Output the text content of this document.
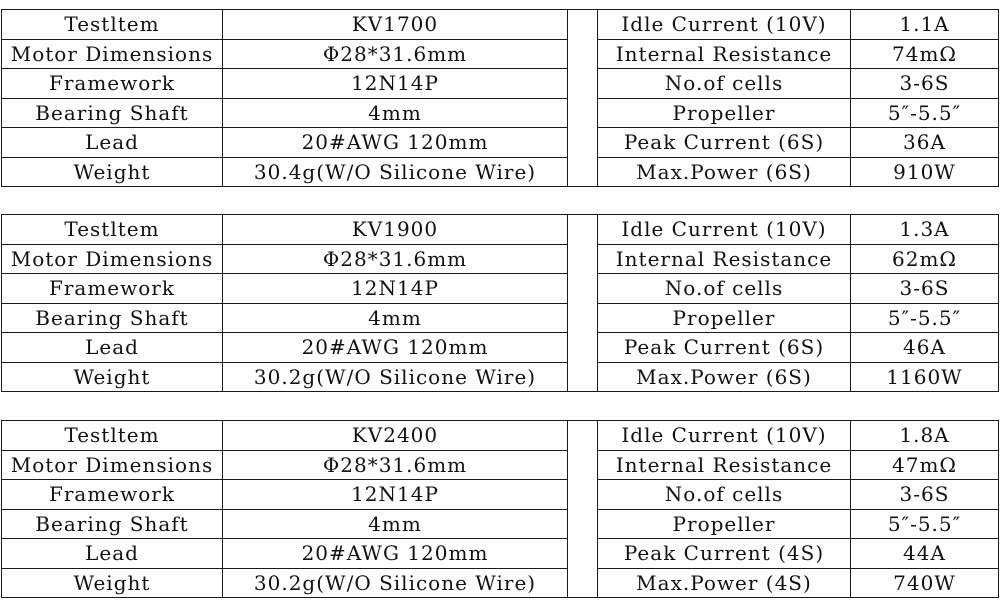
Testltem	KV1700		Idle Current (10V)	1.1A
Motor Dimensions	Φ28*31.6mm		Internal Resistance	74mΩ
Framework	12N14P		No.of cells	3-6S
Bearing Shaft	4mm		Propeller	5″-5.5″
Lead	20#AWG 120mm		Peak Current (6S)	36A
Weight	30.4g(W/O Silicone Wire)		Max.Power (6S)	910W
Testltem	KV1900		Idle Current (10V)	1.3A
Motor Dimensions	Φ28*31.6mm		Internal Resistance	62mΩ
Framework	12N14P		No.of cells	3-6S
Bearing Shaft	4mm		Propeller	5″-5.5″
Lead	20#AWG 120mm		Peak Current (6S)	46A
Weight	30.2g(W/O Silicone Wire)		Max.Power (6S)	1160W
Testltem	KV2400		Idle Current (10V)	1.8A
Motor Dimensions	Φ28*31.6mm		Internal Resistance	47mΩ
Framework	12N14P		No.of cells	3-6S
Bearing Shaft	4mm		Propeller	5″-5.5″
Lead	20#AWG 120mm		Peak Current (4S)	44A
Weight	30.2g(W/O Silicone Wire)		Max.Power (4S)	740W
